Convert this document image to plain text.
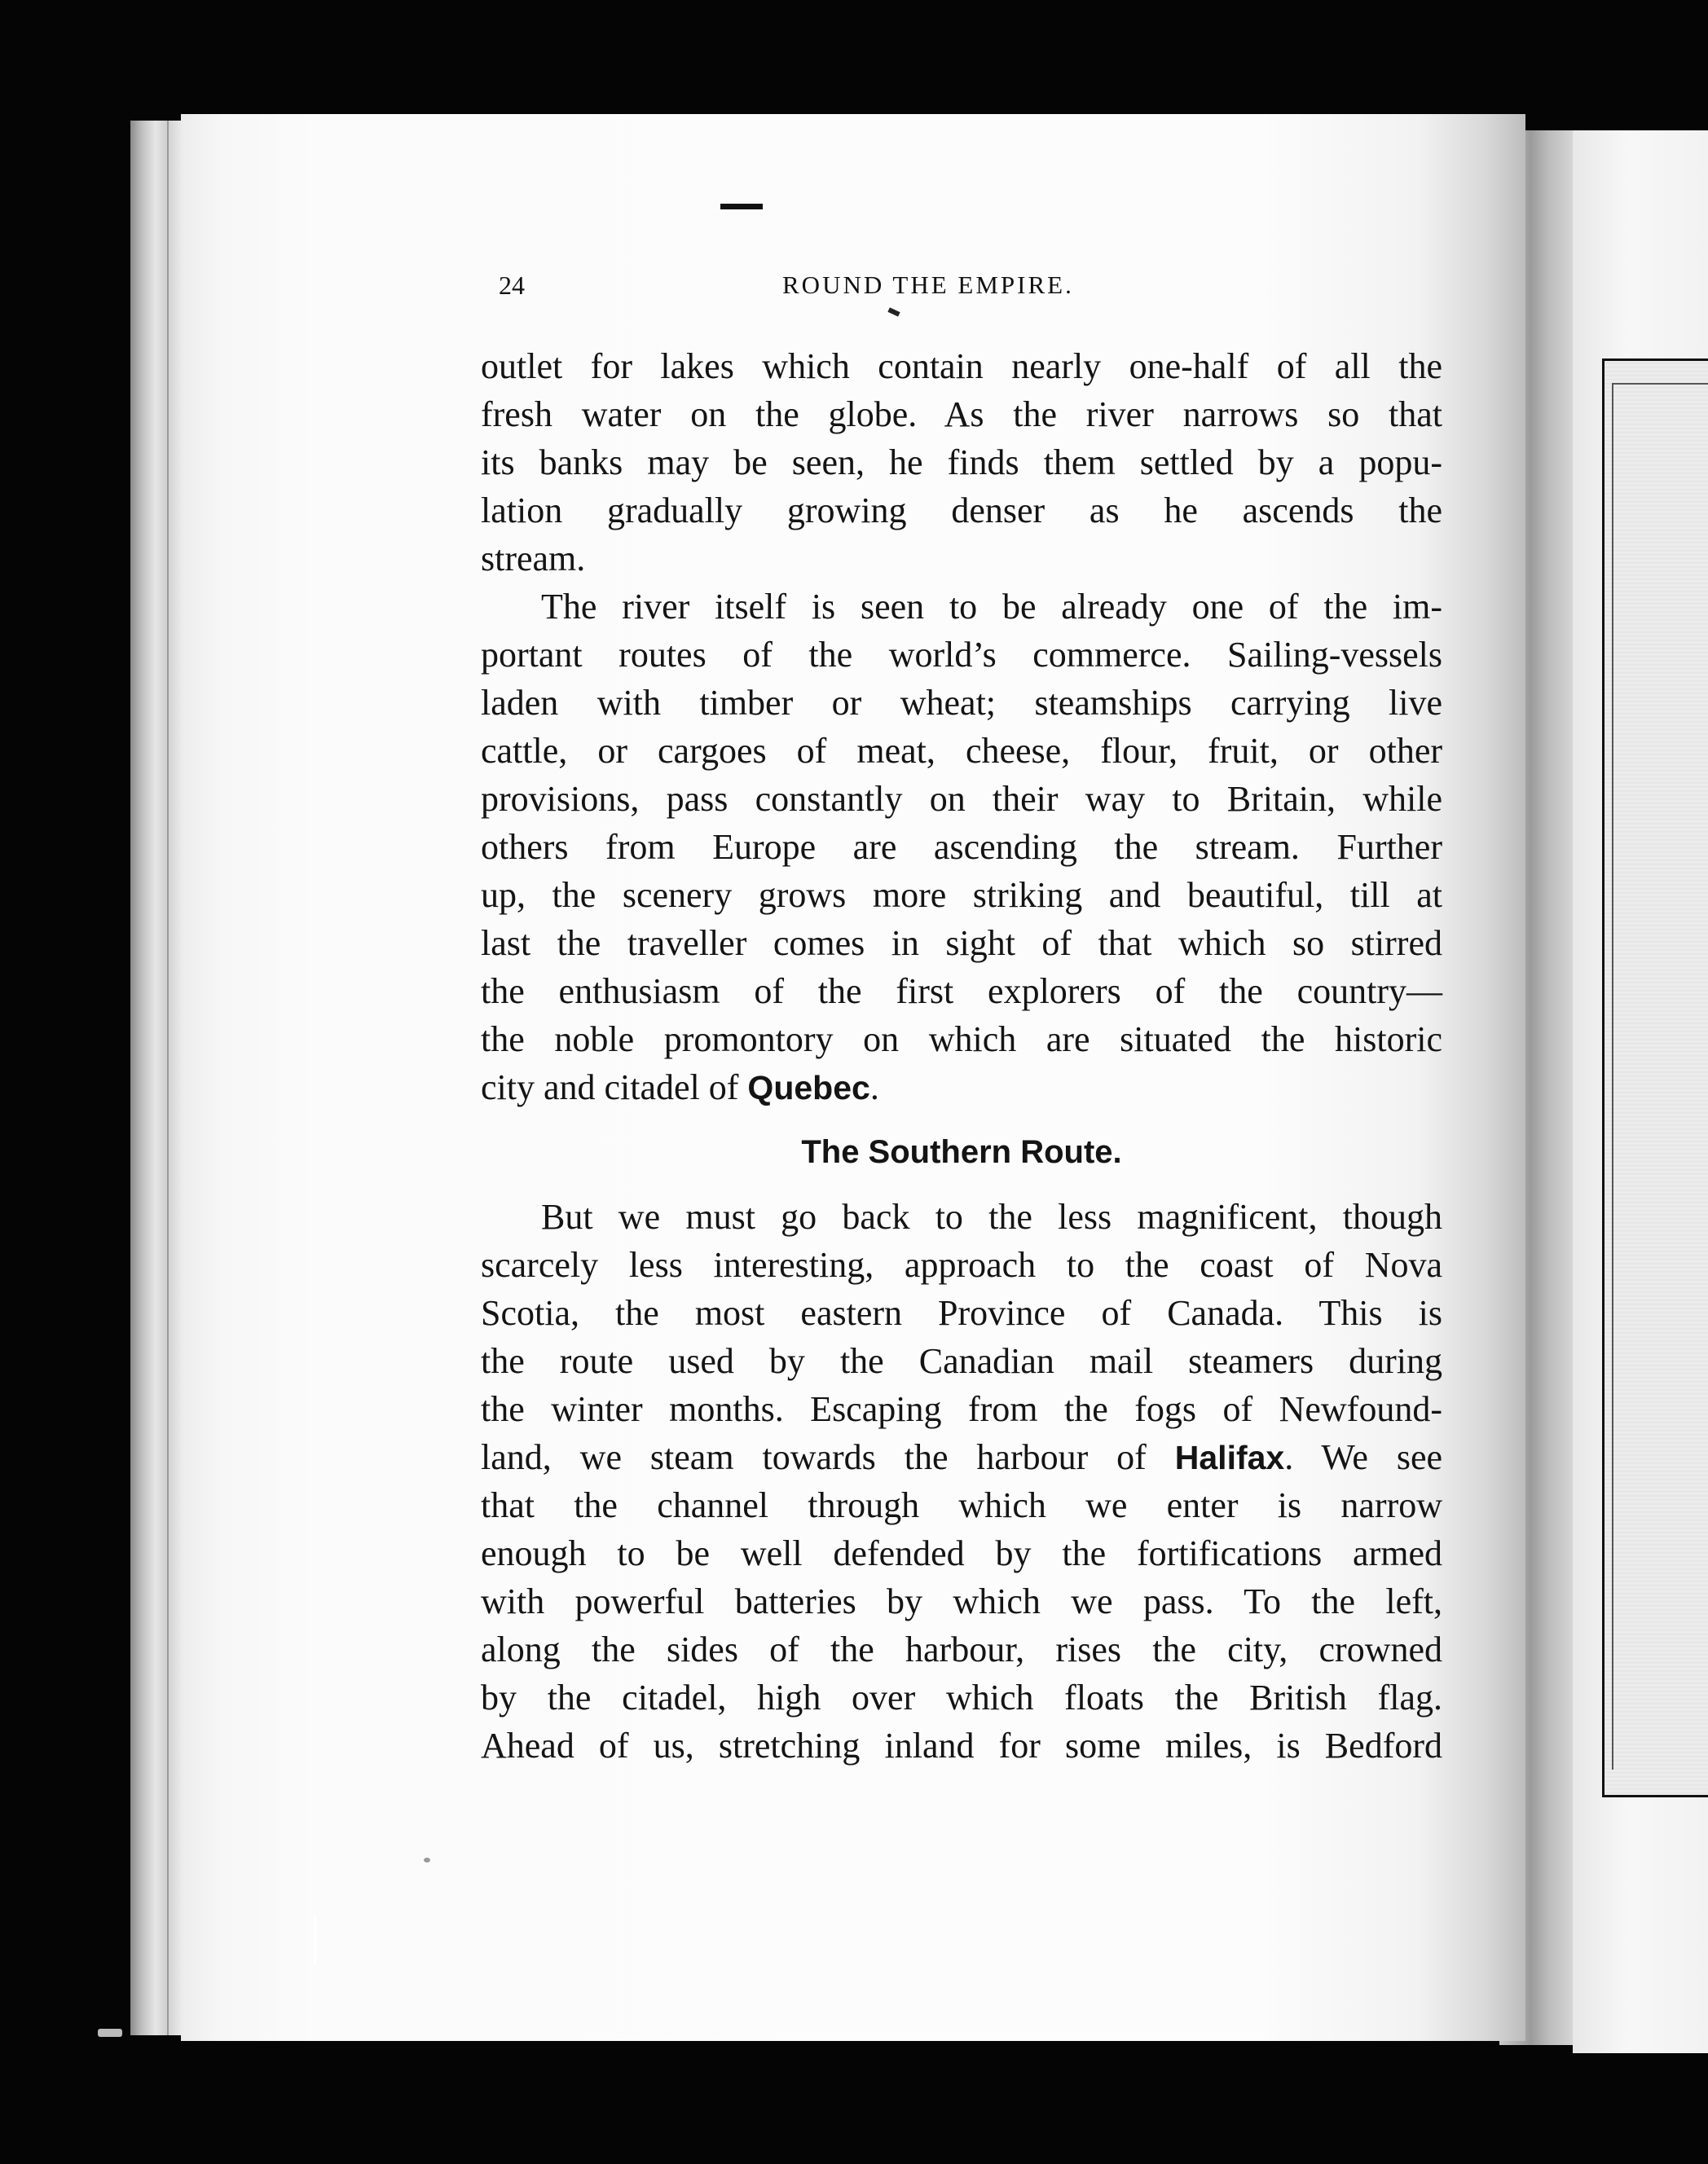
24	ROUND THE EMPIRE.
outlet for lakes which contain nearly one-half of all the
fresh water on the globe. As the river narrows so that
its banks may be seen, he finds them settled by a popu-
lation gradually growing denser as he ascends the
stream.
The river itself is seen to be already one of the im-
portant routes of the world’s commerce. Sailing-vessels
laden with timber or wheat; steamships carrying live
cattle, or cargoes of meat, cheese, flour, fruit, or other
provisions, pass constantly on their way to Britain, while
others from Europe are ascending the stream. Further
up, the scenery grows more striking and beautiful, till at
last the traveller comes in sight of that which so stirred
the enthusiasm of the first explorers of the country—
the noble promontory on which are situated the historic
city and citadel of Quebec.
The Southern Route.
But we must go back to the less magnificent, though
scarcely less interesting, approach to the coast of Nova
Scotia, the most eastern Province of Canada. This is
the route used by the Canadian mail steamers during
the winter months. Escaping from the fogs of Newfound-
land, we steam towards the harbour of Halifax. We see
that the channel through which we enter is narrow
enough to be well defended by the fortifications armed
with powerful batteries by which we pass. To the left,
along the sides of the harbour, rises the city, crowned
by the citadel, high over which floats the British flag.
Ahead of us, stretching inland for some miles, is Bedford
